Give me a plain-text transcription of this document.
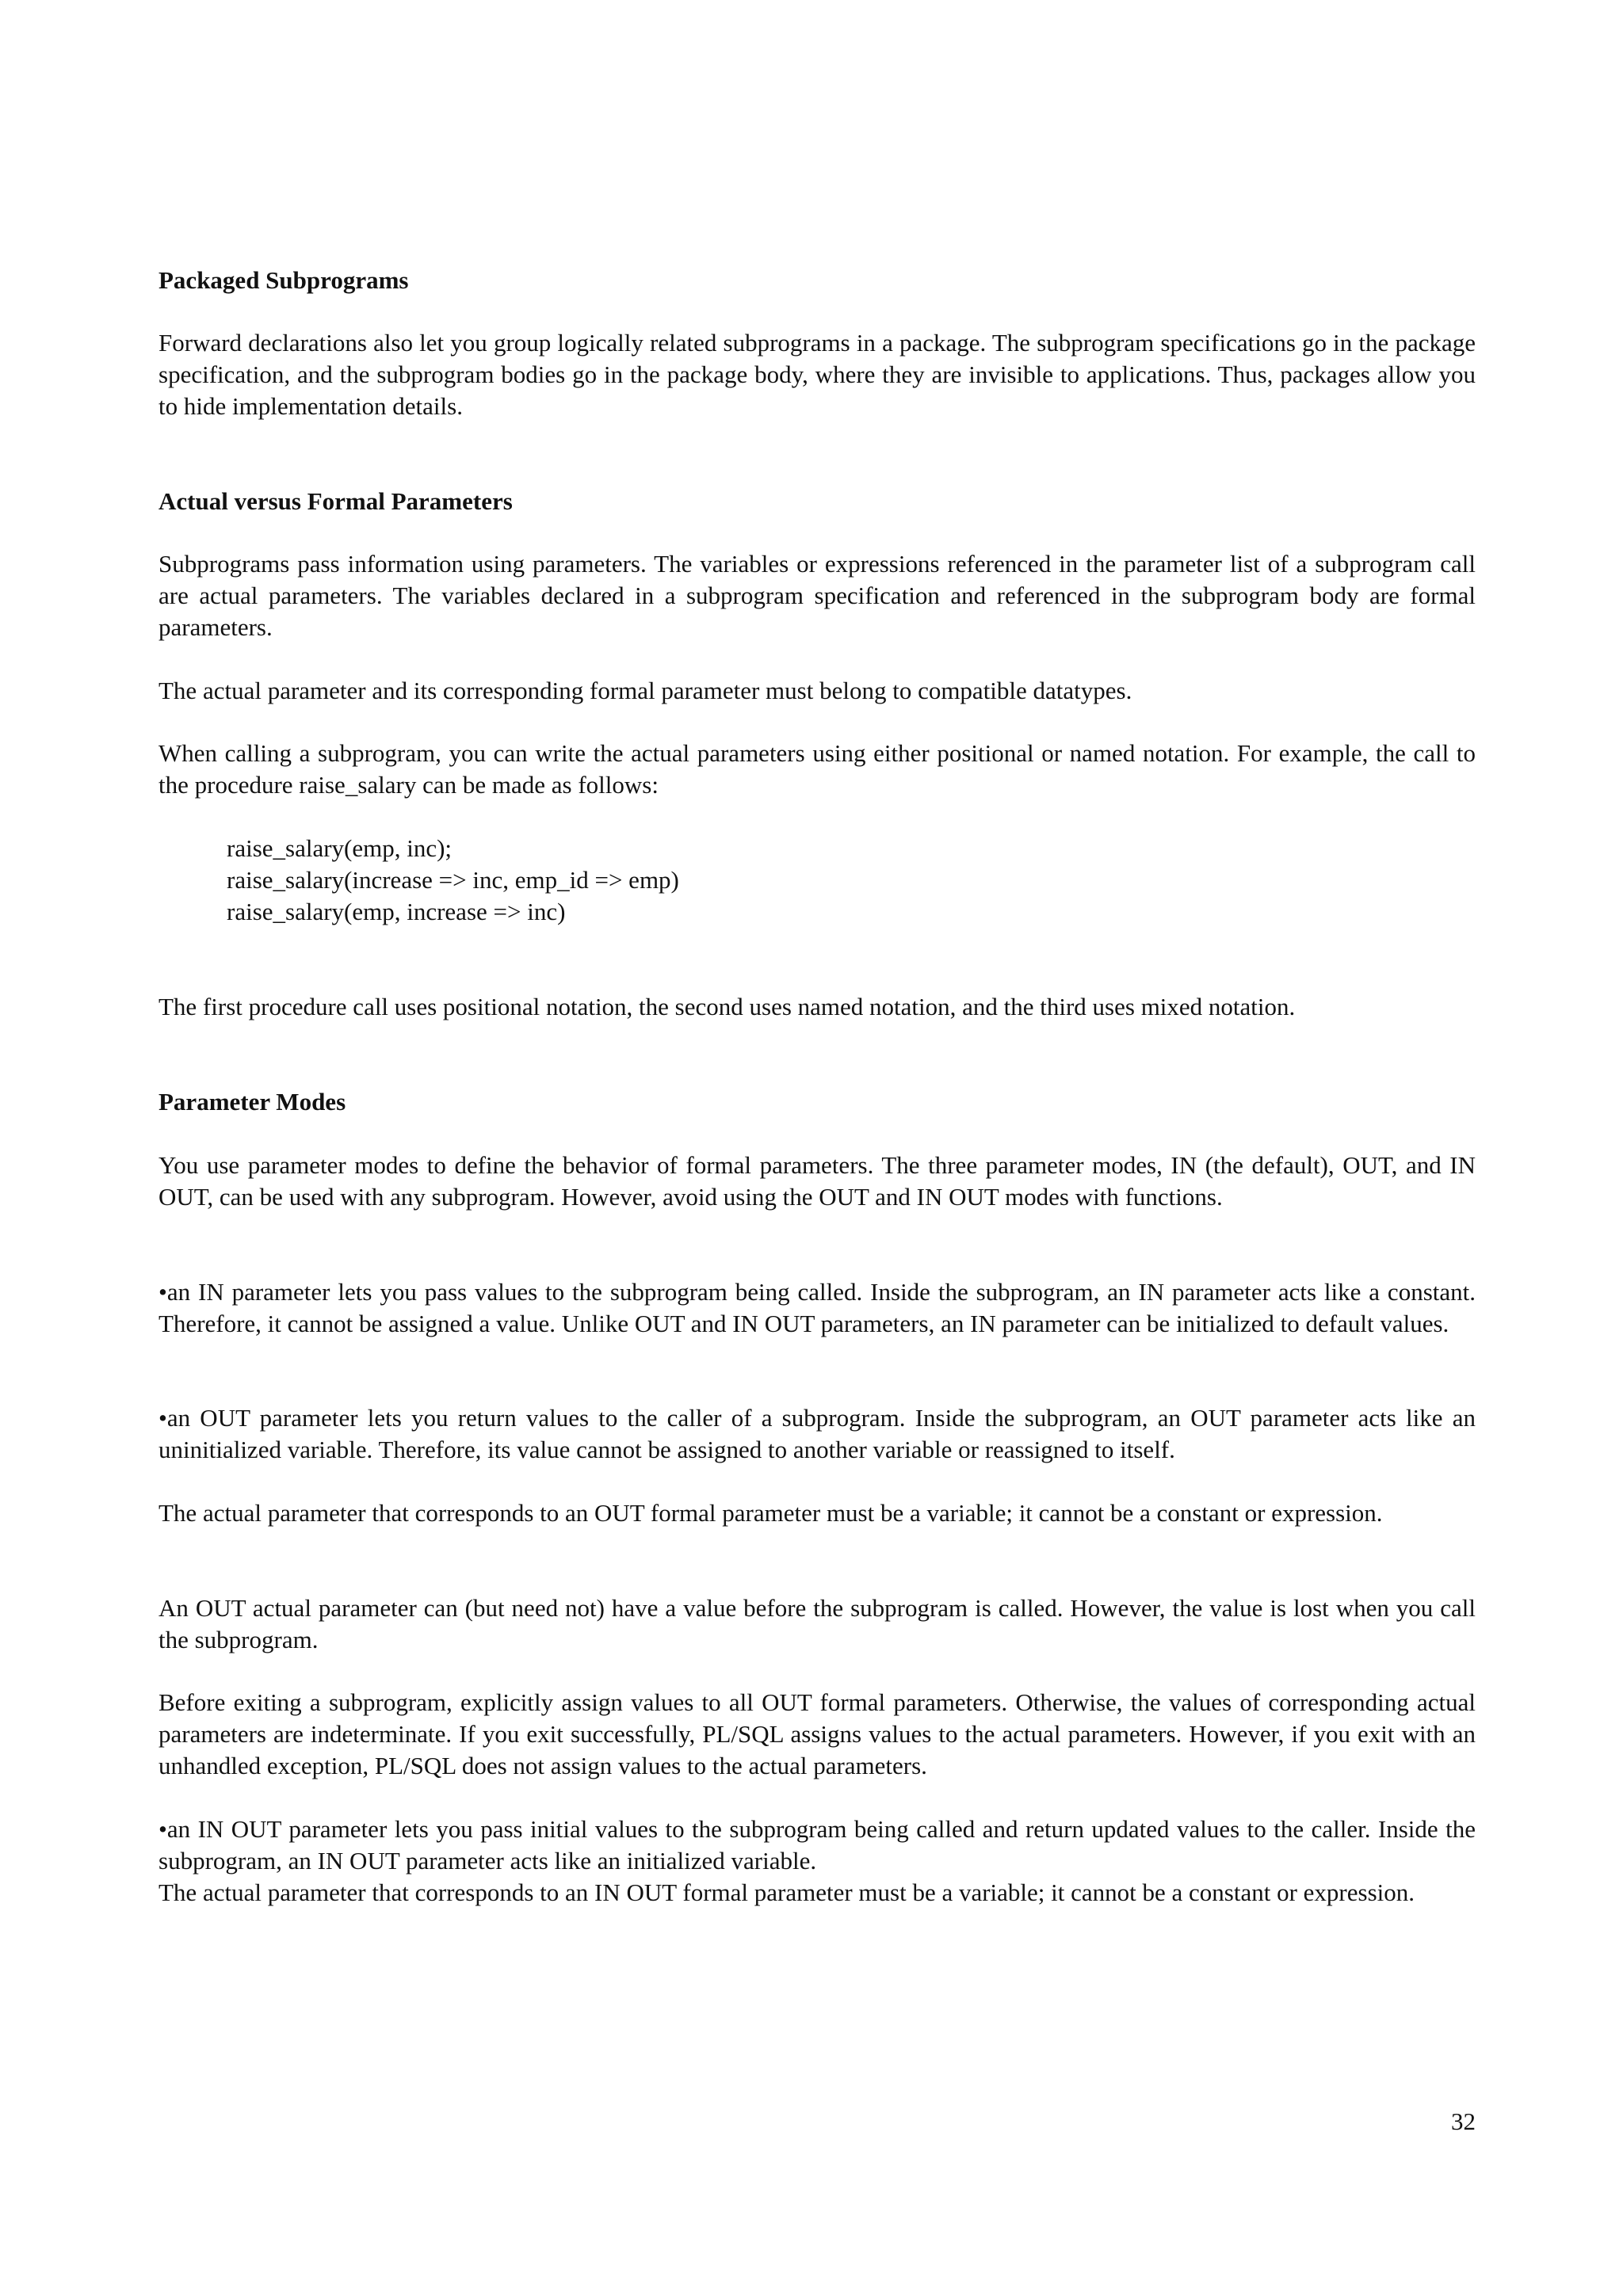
Packaged Subprograms

Forward declarations also let you group logically related subprograms in a package. The subprogram specifications go in the package specification, and the subprogram bodies go in the package body, where they are invisible to applications. Thus, packages allow you to hide implementation details.

Actual versus Formal Parameters

Subprograms pass information using parameters. The variables or expressions referenced in the parameter list of a subprogram call are actual parameters. The variables declared in a subprogram specification and referenced in the subprogram body are formal parameters.

The actual parameter and its corresponding formal parameter must belong to compatible datatypes.

When calling a subprogram, you can write the actual parameters using either positional or named notation. For example, the call to the procedure raise_salary can be made as follows:

raise_salary(emp, inc);
raise_salary(increase => inc, emp_id => emp)
raise_salary(emp, increase => inc)

The first procedure call uses positional notation, the second uses named notation, and the third uses mixed notation.

Parameter Modes

You use parameter modes to define the behavior of formal parameters. The three parameter modes, IN (the default), OUT, and IN OUT, can be used with any subprogram. However, avoid using the OUT and IN OUT modes with functions.

•an IN parameter lets you pass values to the subprogram being called. Inside the subprogram, an IN parameter acts like a constant. Therefore, it cannot be assigned a value. Unlike OUT and IN OUT parameters, an IN parameter can be initialized to default values.

•an OUT parameter lets you return values to the caller of a subprogram. Inside the subprogram, an OUT parameter acts like an uninitialized variable. Therefore, its value cannot be assigned to another variable or reassigned to itself.

The actual parameter that corresponds to an OUT formal parameter must be a variable; it cannot be a constant or expression.

An OUT actual parameter can (but need not) have a value before the subprogram is called. However, the value is lost when you call the subprogram.

Before exiting a subprogram, explicitly assign values to all OUT formal parameters. Otherwise, the values of corresponding actual parameters are indeterminate. If you exit successfully, PL/SQL assigns values to the actual parameters. However, if you exit with an unhandled exception, PL/SQL does not assign values to the actual parameters.

•an IN OUT parameter lets you pass initial values to the subprogram being called and return updated values to the caller. Inside the subprogram, an IN OUT parameter acts like an initialized variable.

The actual parameter that corresponds to an IN OUT formal parameter must be a variable; it cannot be a constant or expression.

32
